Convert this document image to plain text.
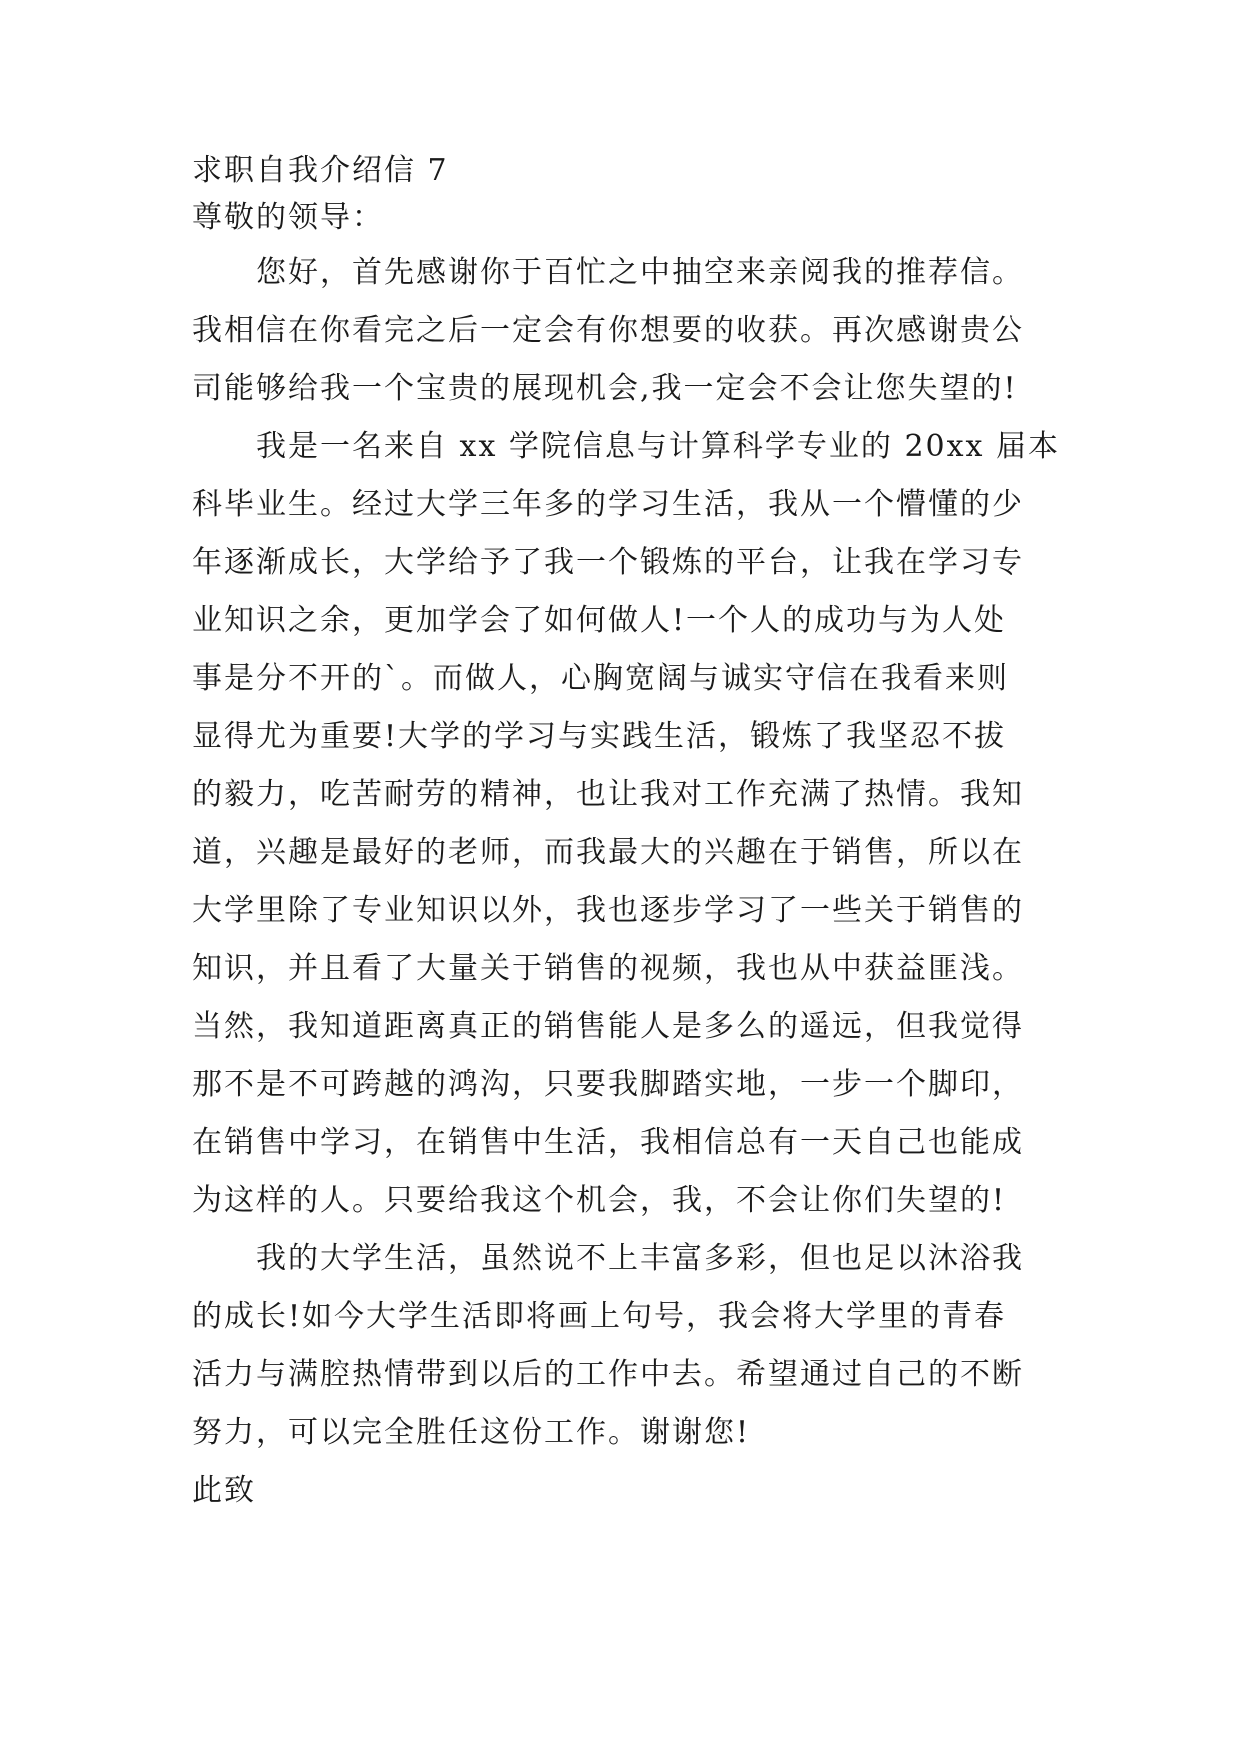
求职自我介绍信 7
尊敬的领导：
您好，首先感谢你于百忙之中抽空来亲阅我的推荐信。
我相信在你看完之后一定会有你想要的收获。再次感谢贵公
司能够给我一个宝贵的展现机会,我一定会不会让您失望的!
我是一名来自 xx 学院信息与计算科学专业的 20xx 届本
科毕业生。经过大学三年多的学习生活，我从一个懵懂的少
年逐渐成长，大学给予了我一个锻炼的平台，让我在学习专
业知识之余，更加学会了如何做人!一个人的成功与为人处
事是分不开的`。而做人，心胸宽阔与诚实守信在我看来则
显得尤为重要!大学的学习与实践生活，锻炼了我坚忍不拔
的毅力，吃苦耐劳的精神，也让我对工作充满了热情。我知
道，兴趣是最好的老师，而我最大的兴趣在于销售，所以在
大学里除了专业知识以外，我也逐步学习了一些关于销售的
知识，并且看了大量关于销售的视频，我也从中获益匪浅。
当然，我知道距离真正的销售能人是多么的遥远，但我觉得
那不是不可跨越的鸿沟，只要我脚踏实地，一步一个脚印，
在销售中学习，在销售中生活，我相信总有一天自己也能成
为这样的人。只要给我这个机会，我，不会让你们失望的!
我的大学生活，虽然说不上丰富多彩，但也足以沐浴我
的成长!如今大学生活即将画上句号，我会将大学里的青春
活力与满腔热情带到以后的工作中去。希望通过自己的不断
努力，可以完全胜任这份工作。谢谢您!
此致
